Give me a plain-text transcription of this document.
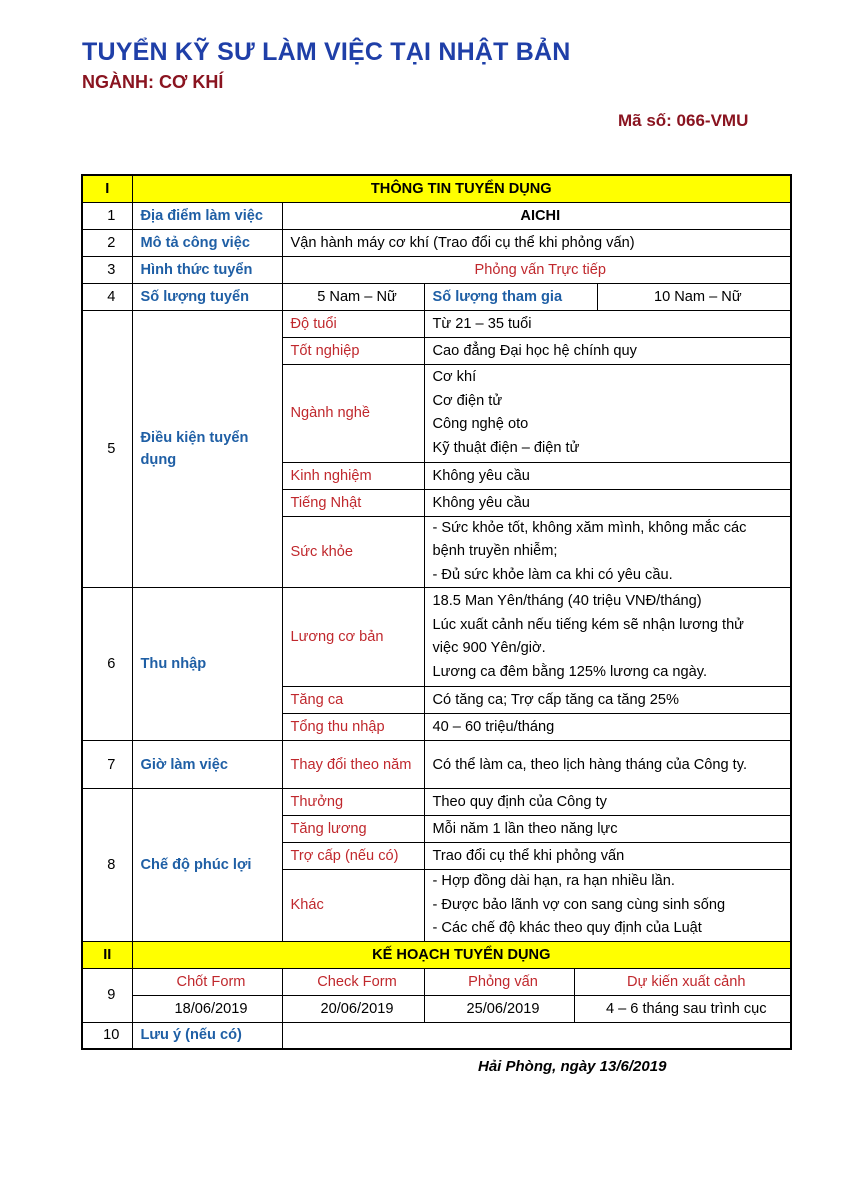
TUYỂN KỸ SƯ LÀM VIỆC TẠI NHẬT BẢN
NGÀNH: CƠ KHÍ
Mã số: 066-VMU
I	THÔNG TIN TUYỂN DỤNG				
1	Địa điểm làm việc	AICHI			
2	Mô tả công việc	Vận hành máy cơ khí (Trao đổi cụ thể khi phỏng vấn)			
3	Hình thức tuyển	Phỏng vấn Trực tiếp			
4	Số lượng tuyển	5 Nam – Nữ	Số lượng tham gia		10 Nam – Nữ
5	Điều kiện tuyển dụng	Độ tuổi	Từ 21 – 35 tuổi		
		Tốt nghiệp	Cao đẳng Đại học hệ chính quy		
		Ngành nghề	Cơ khí
Cơ điện tử
Công nghệ oto
Kỹ thuật điện – điện tử		

		Kinh nghiệm	Không yêu cầu		
		Tiếng Nhật	Không yêu cầu		
		Sức khỏe	- Sức khỏe tốt, không xăm mình, không mắc các
bệnh truyền nhiễm;
- Đủ sức khỏe làm ca khi có yêu cầu.		

6	Thu nhập	Lương cơ bản	18.5 Man Yên/tháng (40 triệu VNĐ/tháng)
Lúc xuất cảnh nếu tiếng kém sẽ nhận lương thử
việc 900 Yên/giờ.
Lương ca đêm bằng 125% lương ca ngày.		

		Tăng ca	Có tăng ca; Trợ cấp tăng ca tăng 25%		
		Tổng thu nhập	40 – 60 triệu/tháng		
7	Giờ làm việc	Thay đổi theo năm	Có thể làm ca, theo lịch hàng tháng của Công ty.		
8	Chế độ phúc lợi	Thưởng	Theo quy định của Công ty		
		Tăng lương	Mỗi năm 1 lần theo năng lực		
		Trợ cấp (nếu có)	Trao đổi cụ thể khi phỏng vấn		
		Khác	- Hợp đồng dài hạn, ra hạn nhiều lần.
- Được bảo lãnh vợ con sang cùng sinh sống
- Các chế độ khác theo quy định của Luật		

II	KẾ HOẠCH TUYỂN DỤNG				
9	Chốt Form	Check Form	Phỏng vấn	Dự kiến xuất cảnh	
	18/06/2019	20/06/2019	25/06/2019	4 – 6 tháng sau trình cục	
10	Lưu ý (nếu có)				
Hải Phòng, ngày 13/6/2019
